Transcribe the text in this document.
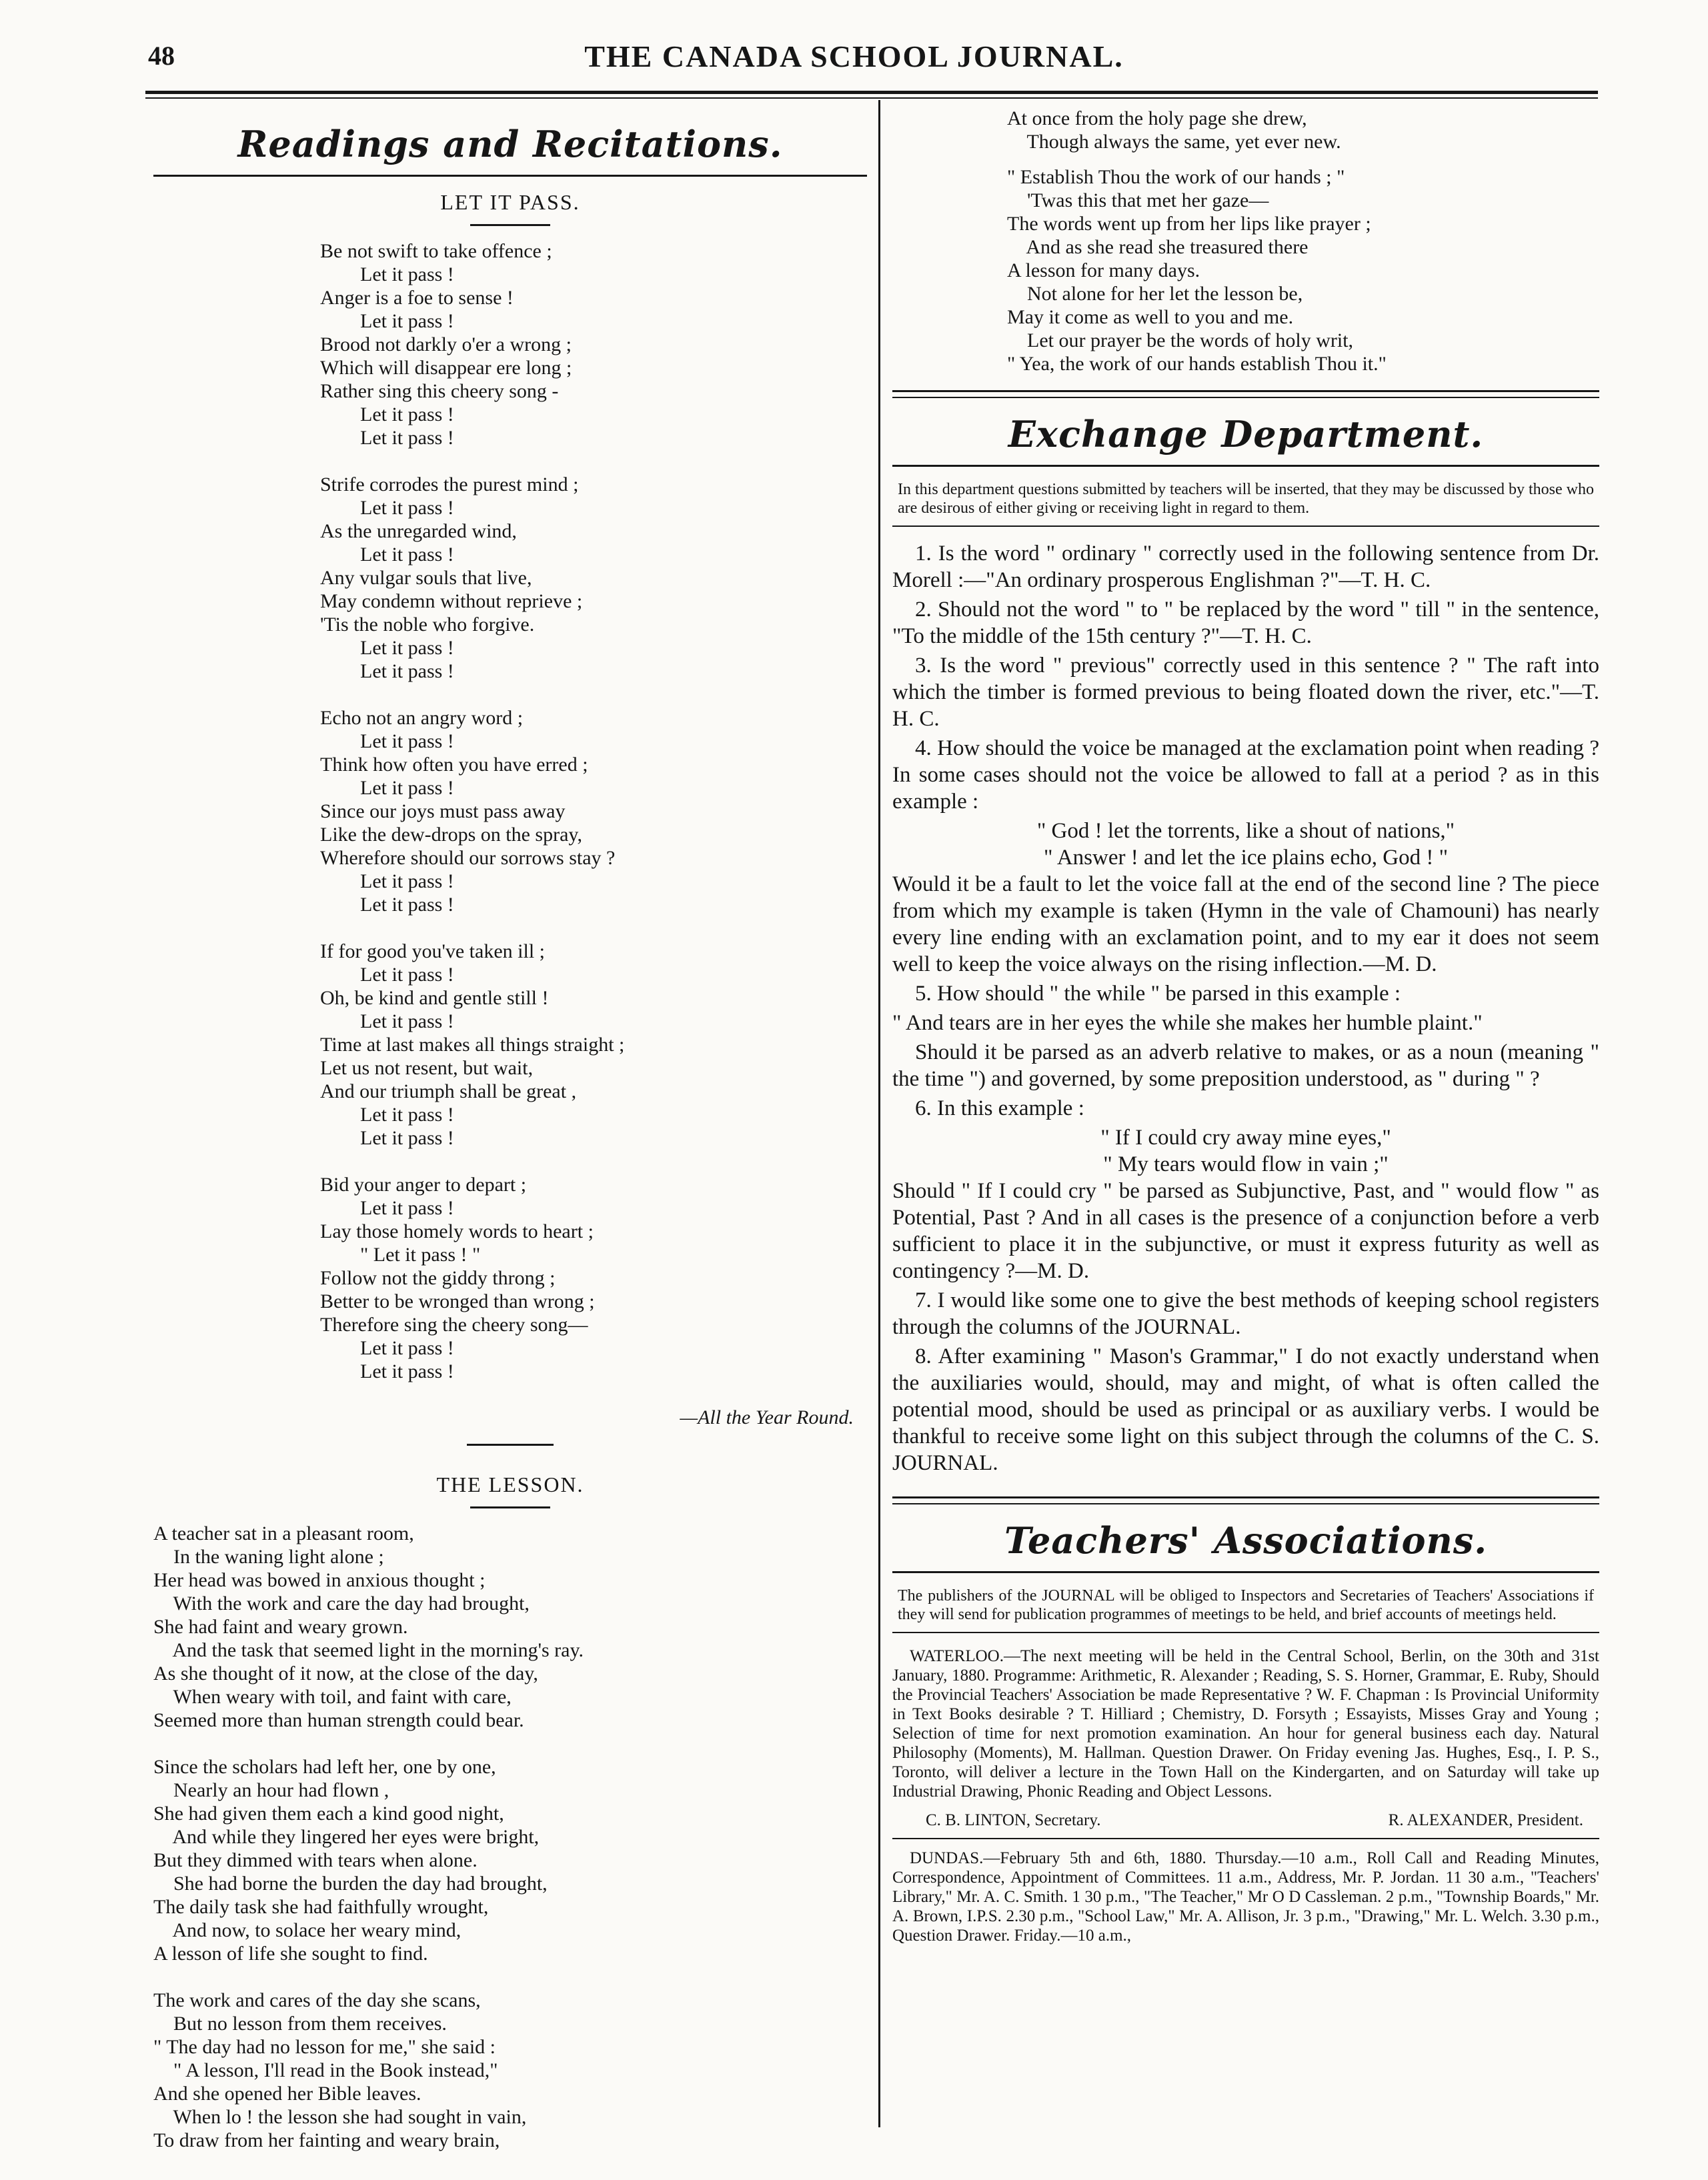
48	THE CANADA SCHOOL JOURNAL.
Readings and Recitations.
LET IT PASS.
Be not swift to take offence ;
Let it pass !
Anger is a foe to sense !
Let it pass !
Brood not darkly o'er a wrong ;
Which will disappear ere long ;
Rather sing this cheery song -
Let it pass !
Let it pass !
Strife corrodes the purest mind ;
Let it pass !
As the unregarded wind,
Let it pass !
Any vulgar souls that live,
May condemn without reprieve ;
'Tis the noble who forgive.
Let it pass !
Let it pass !
Echo not an angry word ;
Let it pass !
Think how often you have erred ;
Let it pass !
Since our joys must pass away
Like the dew-drops on the spray,
Wherefore should our sorrows stay ?
Let it pass !
Let it pass !
If for good you've taken ill ;
Let it pass !
Oh, be kind and gentle still !
Let it pass !
Time at last makes all things straight ;
Let us not resent, but wait,
And our triumph shall be great ,
Let it pass !
Let it pass !
Bid your anger to depart ;
Let it pass !
Lay those homely words to heart ;
" Let it pass ! "
Follow not the giddy throng ;
Better to be wronged than wrong ;
Therefore sing the cheery song—
Let it pass !
Let it pass !
—All the Year Round.
THE LESSON.
A teacher sat in a pleasant room,
In the waning light alone ;
Her head was bowed in anxious thought ;
With the work and care the day had brought,
She had faint and weary grown.
And the task that seemed light in the morning's ray.
As she thought of it now, at the close of the day,
When weary with toil, and faint with care,
Seemed more than human strength could bear.
Since the scholars had left her, one by one,
Nearly an hour had flown ,
She had given them each a kind good night,
And while they lingered her eyes were bright,
But they dimmed with tears when alone.
She had borne the burden the day had brought,
The daily task she had faithfully wrought,
And now, to solace her weary mind,
A lesson of life she sought to find.
The work and cares of the day she scans,
But no lesson from them receives.
" The day had no lesson for me," she said :
" A lesson, I'll read in the Book instead,"
And she opened her Bible leaves.
When lo ! the lesson she had sought in vain,
To draw from her fainting and weary brain,
At once from the holy page she drew,
Though always the same, yet ever new.

" Establish Thou the work of our hands ; "
'Twas this that met her gaze—
The words went up from her lips like prayer ;
And as she read she treasured there
A lesson for many days.
Not alone for her let the lesson be,
May it come as well to you and me.
Let our prayer be the words of holy writ,
" Yea, the work of our hands establish Thou it."
Exchange Department.
In this department questions submitted by teachers will be inserted, that they may be discussed by those who are desirous of either giving or receiving light in regard to them.

1. Is the word " ordinary " correctly used in the following sentence from Dr. Morell :—"An ordinary prosperous Englishman ?"—T. H. C.

2. Should not the word " to " be replaced by the word " till " in the sentence, "To the middle of the 15th century ?"—T. H. C.

3. Is the word " previous" correctly used in this sentence ? " The raft into which the timber is formed previous to being floated down the river, etc."—T. H. C.

4. How should the voice be managed at the exclamation point when reading ? In some cases should not the voice be allowed to fall at a period ? as in this example :

" God ! let the torrents, like a shout of nations,"

" Answer ! and let the ice plains echo, God ! "

Would it be a fault to let the voice fall at the end of the second line ? The piece from which my example is taken (Hymn in the vale of Chamouni) has nearly every line ending with an exclamation point, and to my ear it does not seem well to keep the voice always on the rising inflection.—M. D.

5. How should " the while " be parsed in this example :

" And tears are in her eyes the while she makes her humble plaint."

Should it be parsed as an adverb relative to makes, or as a noun (meaning " the time ") and governed, by some preposition understood, as " during " ?

6. In this example :

" If I could cry away mine eyes,"

" My tears would flow in vain ;"

Should " If I could cry " be parsed as Subjunctive, Past, and " would flow " as Potential, Past ? And in all cases is the presence of a conjunction before a verb sufficient to place it in the subjunctive, or must it express futurity as well as contingency ?—M. D.

7. I would like some one to give the best methods of keeping school registers through the columns of the JOURNAL.

8. After examining " Mason's Grammar," I do not exactly understand when the auxiliaries would, should, may and might, of what is often called the potential mood, should be used as principal or as auxiliary verbs. I would be thankful to receive some light on this subject through the columns of the C. S. JOURNAL.

Teachers' Associations.
The publishers of the JOURNAL will be obliged to Inspectors and Secretaries of Teachers' Associations if they will send for publication programmes of meetings to be held, and brief accounts of meetings held.

WATERLOO.—The next meeting will be held in the Central School, Berlin, on the 30th and 31st January, 1880. Programme: Arithmetic, R. Alexander ; Reading, S. S. Horner, Grammar, E. Ruby, Should the Provincial Teachers' Association be made Representative ? W. F. Chapman : Is Provincial Uniformity in Text Books desirable ? T. Hilliard ; Chemistry, D. Forsyth ; Essayists, Misses Gray and Young ; Selection of time for next promotion examination. An hour for general business each day. Natural Philosophy (Moments), M. Hallman. Question Drawer. On Friday evening Jas. Hughes, Esq., I. P. S., Toronto, will deliver a lecture in the Town Hall on the Kindergarten, and on Saturday will take up Industrial Drawing, Phonic Reading and Object Lessons.

C. B. LINTON, Secretary.	R. ALEXANDER, President.

DUNDAS.—February 5th and 6th, 1880. Thursday.—10 a.m., Roll Call and Reading Minutes, Correspondence, Appointment of Committees. 11 a.m., Address, Mr. P. Jordan. 11 30 a.m., "Teachers' Library," Mr. A. C. Smith. 1 30 p.m., "The Teacher," Mr O D Cassleman. 2 p.m., "Township Boards," Mr. A. Brown, I.P.S. 2.30 p.m., "School Law," Mr. A. Allison, Jr. 3 p.m., "Drawing," Mr. L. Welch. 3.30 p.m., Question Drawer. Friday.—10 a.m.,
